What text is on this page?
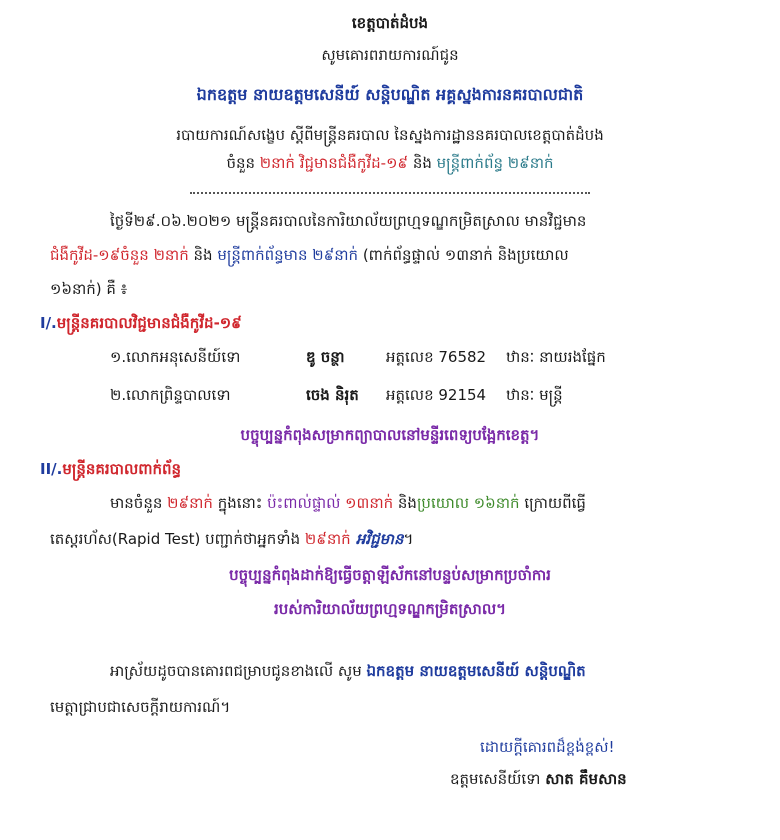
ខេត្តបាត់ដំបង
សូមគោរពរាយការណ៍ជូន
ឯកឧត្តម នាយឧត្តមសេនីយ៍ សន្តិបណ្ឌិត អគ្គស្នងការនគរបាលជាតិ
របាយការណ៍សង្ខេប ស្តីពីមន្ត្រីនគរបាល នៃស្នងការដ្ឋាននគរបាលខេត្តបាត់ដំបង
ចំនួន ២នាក់ វិជ្ជមានជំងឺកូវីដ-១៩ និង មន្ត្រីពាក់ព័ន្ធ ២៩នាក់
ថ្ងៃទី២៩.០៦.២០២១ មន្ត្រីនគរបាលនៃការិយាល័យព្រហ្មទណ្ឌកម្រិតស្រាល មានវិជ្ជមាន
ជំងឺកូវីដ-១៩ចំនួន ២នាក់ និង មន្ត្រីពាក់ព័ន្ធមាន ២៩នាក់ (ពាក់ព័ន្ធផ្ទាល់ ១៣នាក់ និងប្រយោល
១៦នាក់) គឺ ៖
I/.មន្ត្រីនគរបាលវិជ្ជមានជំងឺកូវីដ-១៩
១.លោកអនុសេនីយ៍ទោ	ឌូ ចន្ថា	អត្តលេខ 76582 ឋានៈ នាយរងផ្នែក
២.លោកព្រិន្ទបាលទោ	ចេង និរុត អត្តលេខ 92154 ឋានៈ មន្ត្រី
បច្ចុប្បន្នកំពុងសម្រាកព្យាបាលនៅមន្ទីរពេទ្យបង្អែកខេត្ត។
II/.មន្ត្រីនគរបាលពាក់ព័ន្ធ
មានចំនួន ២៩នាក់ ក្នុងនោះ ប៉ះពាល់ផ្ទាល់ ១៣នាក់ និងប្រយោល ១៦នាក់ ក្រោយពីធ្វើ
តេស្តរហ័ស(Rapid Test) បញ្ជាក់ថាអ្នកទាំង ២៩នាក់ អវិជ្ជមាន។
បច្ចុប្បន្នកំពុងដាក់ឱ្យធ្វើចត្តាឡីស័កនៅបន្ទប់សម្រាកប្រចាំការ
របស់ការិយាល័យព្រហ្មទណ្ឌកម្រិតស្រាល។
អាស្រ័យដូចបានគោរពជម្រាបជូនខាងលើ សូម ឯកឧត្តម នាយឧត្តមសេនីយ៍ សន្តិបណ្ឌិត
មេត្តាជ្រាបជាសេចក្តីរាយការណ៍។
ដោយក្តីគោរពដ៏ខ្ពង់ខ្ពស់!
ឧត្តមសេនីយ៍ទោ សាត គឹមសាន
